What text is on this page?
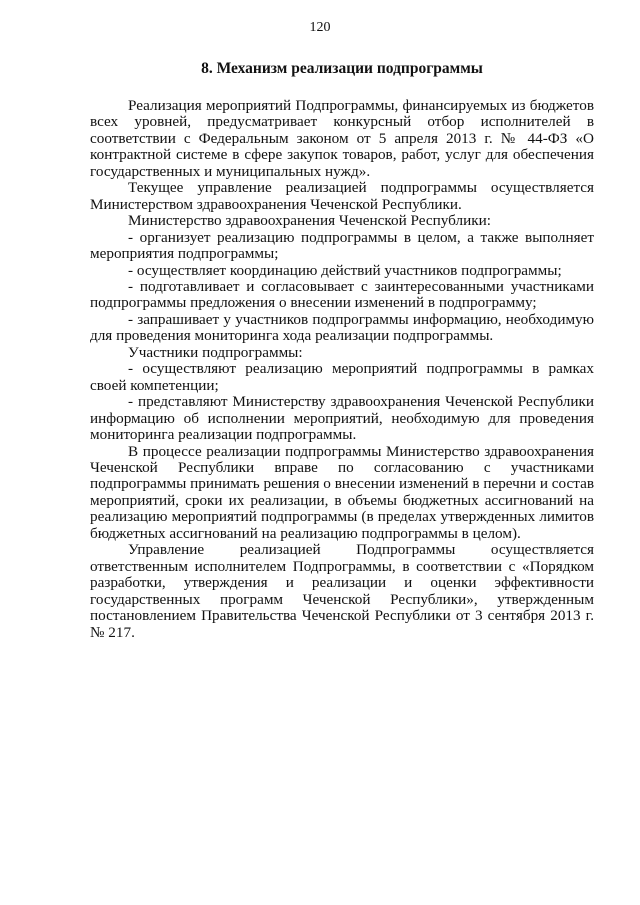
120
8. Механизм реализации подпрограммы

Реализация мероприятий Подпрограммы, финансируемых из бюджетов всех уровней, предусматривает конкурсный отбор исполнителей в соответствии с Федеральным законом от 5 апреля 2013 г. № 44-ФЗ «О контрактной системе в сфере закупок товаров, работ, услуг для обеспечения государственных и муниципальных нужд».

Текущее управление реализацией подпрограммы осуществляется Министерством здравоохранения Чеченской Республики.

Министерство здравоохранения Чеченской Республики:

- организует реализацию подпрограммы в целом, а также выполняет мероприятия подпрограммы;

- осуществляет координацию действий участников подпрограммы;

- подготавливает и согласовывает с заинтересованными участниками подпрограммы предложения о внесении изменений в подпрограмму;

- запрашивает у участников подпрограммы информацию, необходимую для проведения мониторинга хода реализации подпрограммы.

Участники подпрограммы:

- осуществляют реализацию мероприятий подпрограммы в рамках своей компетенции;

- представляют Министерству здравоохранения Чеченской Республики информацию об исполнении мероприятий, необходимую для проведения мониторинга реализации подпрограммы.

В процессе реализации подпрограммы Министерство здравоохранения Чеченской Республики вправе по согласованию с участниками подпрограммы принимать решения о внесении изменений в перечни и состав мероприятий, сроки их реализации, в объемы бюджетных ассигнований на реализацию мероприятий подпрограммы (в пределах утвержденных лимитов бюджетных ассигнований на реализацию подпрограммы в целом).

Управление реализацией Подпрограммы осуществляется ответственным исполнителем Подпрограммы, в соответствии с «Порядком разработки, утверждения и реализации и оценки эффективности государственных программ Чеченской Республики», утвержденным постановлением Правительства Чеченской Республики от 3 сентября 2013 г. № 217.
